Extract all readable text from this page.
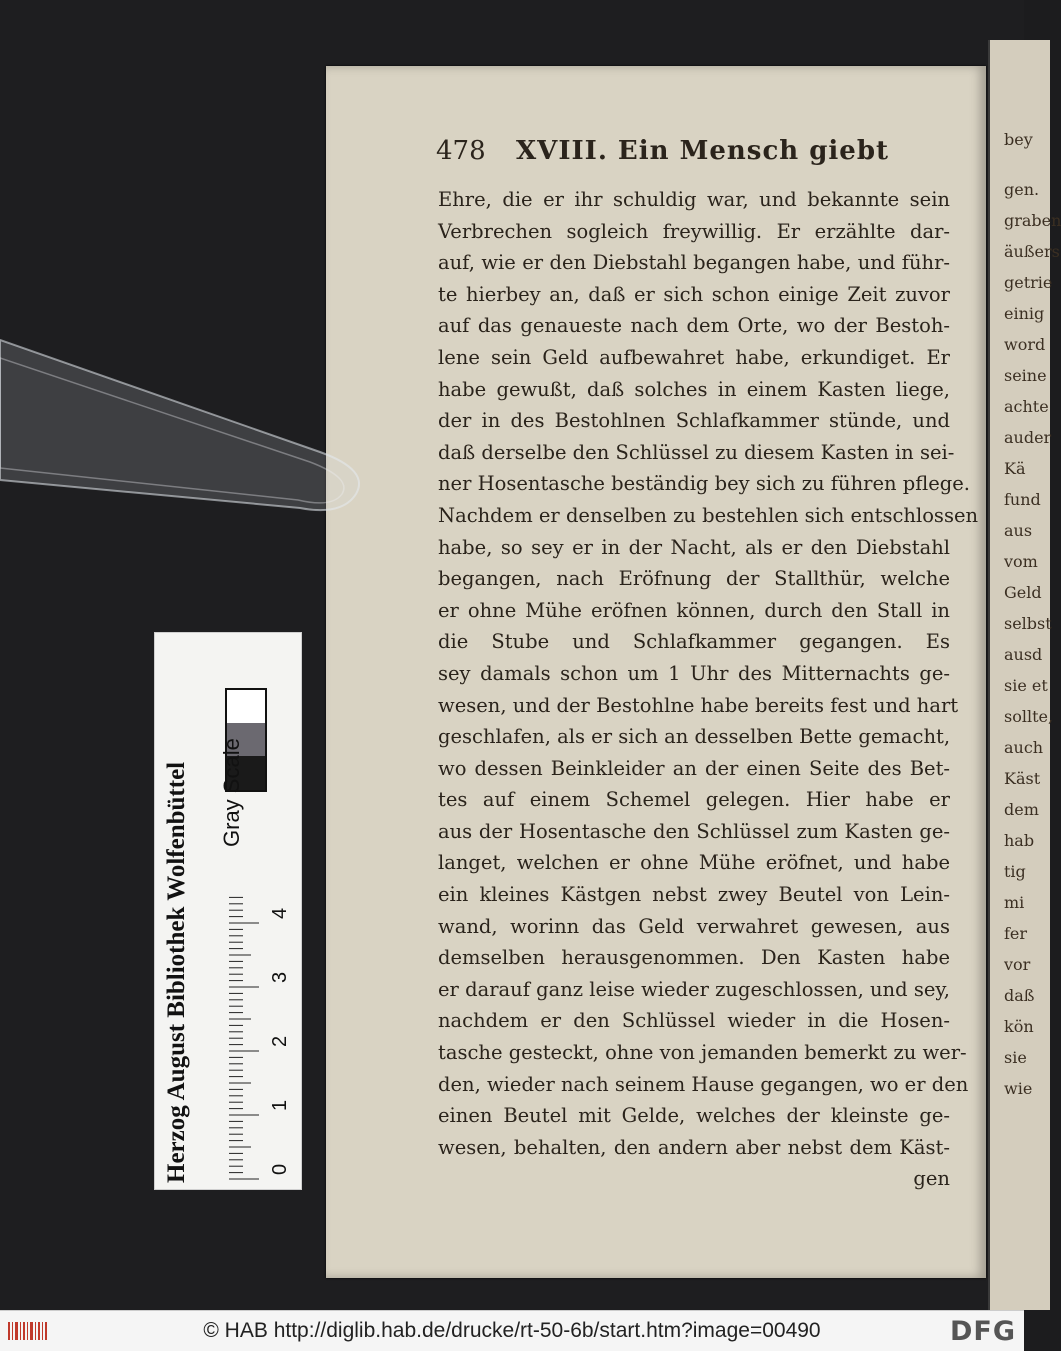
bey
gen.
graben
äußers
getrie
einig
word
seine
achte
auder
Kä
fund
aus
vom
Geld
selbst
ausd
sie et
sollte,
auch
Käst
dem
hab
tig
mi
fer
vor
daß
kön
sie
wie
478 XVIII. Ein Mensch giebt
Ehre, die er ihr schuldig war, und bekannte sein
Verbrechen sogleich freywillig. Er erzählte dar-
auf, wie er den Diebstahl begangen habe, und führ-
te hierbey an, daß er sich schon einige Zeit zuvor
auf das genaueste nach dem Orte, wo der Bestoh-
lene sein Geld aufbewahret habe, erkundiget. Er
habe gewußt, daß solches in einem Kasten liege,
der in des Bestohlnen Schlafkammer stünde, und
daß derselbe den Schlüssel zu diesem Kasten in sei-
ner Hosentasche beständig bey sich zu führen pflege.
Nachdem er denselben zu bestehlen sich entschlossen
habe, so sey er in der Nacht, als er den Diebstahl
begangen, nach Eröfnung der Stallthür, welche
er ohne Mühe eröfnen können, durch den Stall in
die Stube und Schlafkammer gegangen. Es
sey damals schon um 1 Uhr des Mitternachts ge-
wesen, und der Bestohlne habe bereits fest und hart
geschlafen, als er sich an desselben Bette gemacht,
wo dessen Beinkleider an der einen Seite des Bet-
tes auf einem Schemel gelegen. Hier habe er
aus der Hosentasche den Schlüssel zum Kasten ge-
langet, welchen er ohne Mühe eröfnet, und habe
ein kleines Kästgen nebst zwey Beutel von Lein-
wand, worinn das Geld verwahret gewesen, aus
demselben herausgenommen. Den Kasten habe
er darauf ganz leise wieder zugeschlossen, und sey,
nachdem er den Schlüssel wieder in die Hosen-
tasche gesteckt, ohne von jemanden bemerkt zu wer-
den, wieder nach seinem Hause gegangen, wo er den
einen Beutel mit Gelde, welches der kleinste ge-
wesen, behalten, den andern aber nebst dem Käst-
gen
Herzog August Bibliothek Wolfenbüttel Gray Scale
0
1
2
3
4
© HAB http://diglib.hab.de/drucke/rt-50-6b/start.htm?image=00490	DFG
